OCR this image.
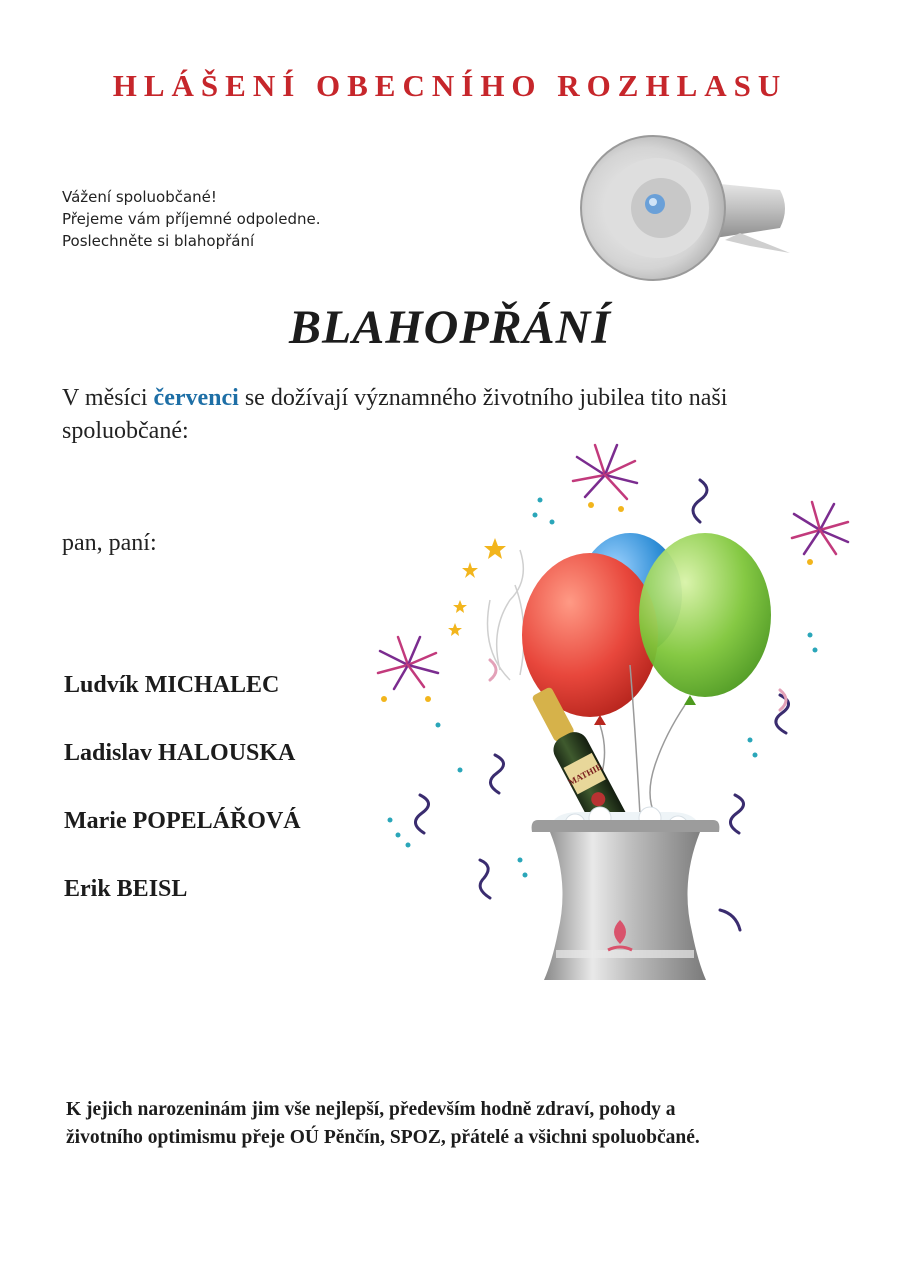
HLÁŠENÍ OBECNÍHO ROZHLASU
Vážení spoluobčané!
Přejeme vám příjemné odpoledne.
Poslechněte si blahopřání
BLAHOPŘÁNÍ
V měsíci červenci se dožívají významného životního jubilea tito naši spoluobčané:
pan, paní:
Ludvík MICHALEC
Ladislav HALOUSKA
Marie POPELÁŘOVÁ
Erik BEISL
MATHIE
K jejich narozeninám jim vše nejlepší, především hodně zdraví, pohody a
životního optimismu přeje OÚ Pěnčín, SPOZ, přátelé a všichni spoluobčané.
